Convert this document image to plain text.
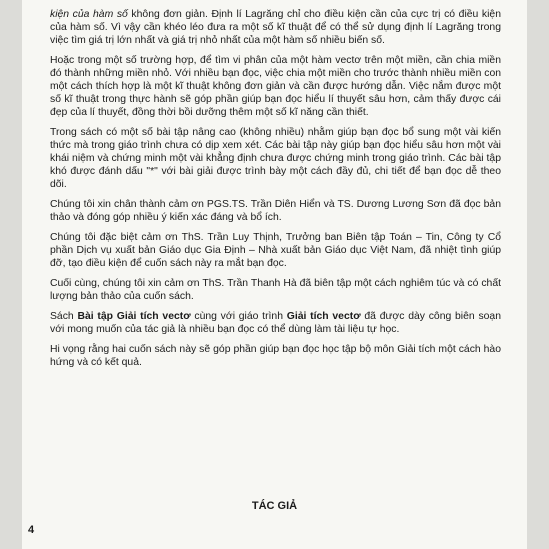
kiện của hàm số không đơn giản. Định lí Lagrăng chỉ cho điều kiện cần của cực trị có điều kiện của hàm số. Vì vậy cần khéo léo đưa ra một số kĩ thuật để có thể sử dụng định lí Lagrăng trong việc tìm giá trị lớn nhất và giá trị nhỏ nhất của một hàm số nhiều biến số.

Hoặc trong một số trường hợp, để tìm vi phân của một hàm vectơ trên một miền, cần chia miền đó thành những miền nhỏ. Với nhiều bạn đọc, việc chia một miền cho trước thành nhiều miền con một cách thích hợp là một kĩ thuật không đơn giản và cần được hướng dẫn. Việc nắm được một số kĩ thuật trong thực hành sẽ góp phần giúp bạn đọc hiểu lí thuyết sâu hơn, cảm thấy được cái đẹp của lí thuyết, đồng thời bồi dưỡng thêm một số kĩ năng cần thiết.

Trong sách có một số bài tập nâng cao (không nhiều) nhằm giúp bạn đọc bổ sung một vài kiến thức mà trong giáo trình chưa có dịp xem xét. Các bài tập này giúp bạn đọc hiểu sâu hơn một vài khái niệm và chứng minh một vài khẳng định chưa được chứng minh trong giáo trình. Các bài tập khó được đánh dấu "*" với bài giải được trình bày một cách đầy đủ, chi tiết để bạn đọc dễ theo dõi.

Chúng tôi xin chân thành cảm ơn PGS.TS. Trần Diên Hiển và TS. Dương Lương Sơn đã đọc bản thảo và đóng góp nhiều ý kiến xác đáng và bổ ích.

Chúng tôi đặc biệt cảm ơn ThS. Trần Luy Thịnh, Trưởng ban Biên tập Toán – Tin, Công ty Cổ phần Dịch vụ xuất bản Giáo dục Gia Định – Nhà xuất bản Giáo dục Việt Nam, đã nhiệt tình giúp đỡ, tạo điều kiện để cuốn sách này ra mắt bạn đọc.

Cuối cùng, chúng tôi xin cảm ơn ThS. Trần Thanh Hà đã biên tập một cách nghiêm túc và có chất lượng bản thảo của cuốn sách.

Sách Bài tập Giải tích vectơ cùng với giáo trình Giải tích vectơ đã được dày công biên soạn với mong muốn của tác giả là nhiều bạn đọc có thể dùng làm tài liệu tự học.

Hi vọng rằng hai cuốn sách này sẽ góp phần giúp bạn đọc học tập bộ môn Giải tích một cách hào hứng và có kết quả.

TÁC GIẢ
4
